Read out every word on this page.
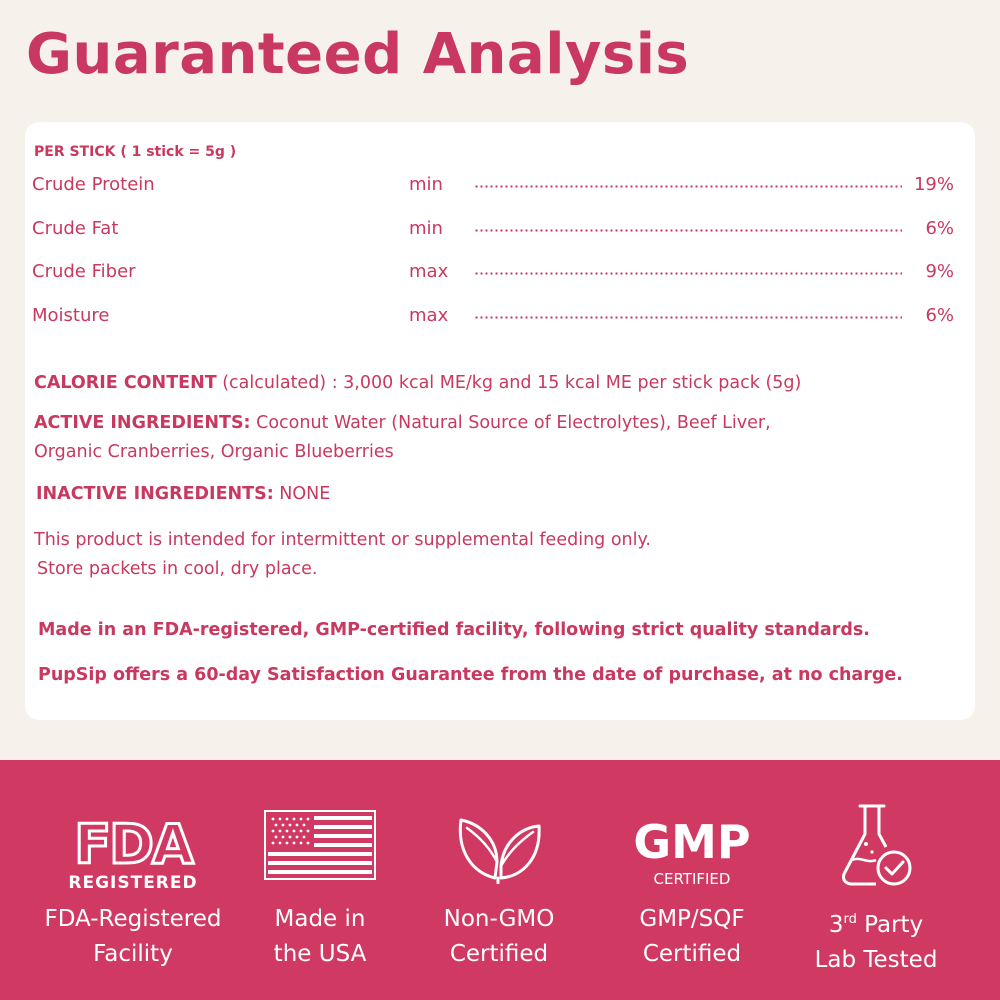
Guaranteed Analysis
PER STICK ( 1 stick = 5g )
Crude Protein	min	19%
Crude Fat	min	6%
Crude Fiber	max	9%
Moisture	max	6%
CALORIE CONTENT (calculated) : 3,000 kcal ME/kg and 15 kcal ME per stick pack (5g)
ACTIVE INGREDIENTS: Coconut Water (Natural Source of Electrolytes), Beef Liver,
Organic Cranberries, Organic Blueberries
INACTIVE INGREDIENTS: NONE
This product is intended for intermittent or supplemental feeding only.
Store packets in cool, dry place.
Made in an FDA-registered, GMP-certified facility, following strict quality standards.
PupSip offers a 60-day Satisfaction Guarantee from the date of purchase, at no charge.
FDA
REGISTERED
FDA-Registered
Facility
Made in
the USA
Non-GMO
Certified
GMP
CERTIFIED
GMP/SQF
Certified
3rd Party
Lab Tested
